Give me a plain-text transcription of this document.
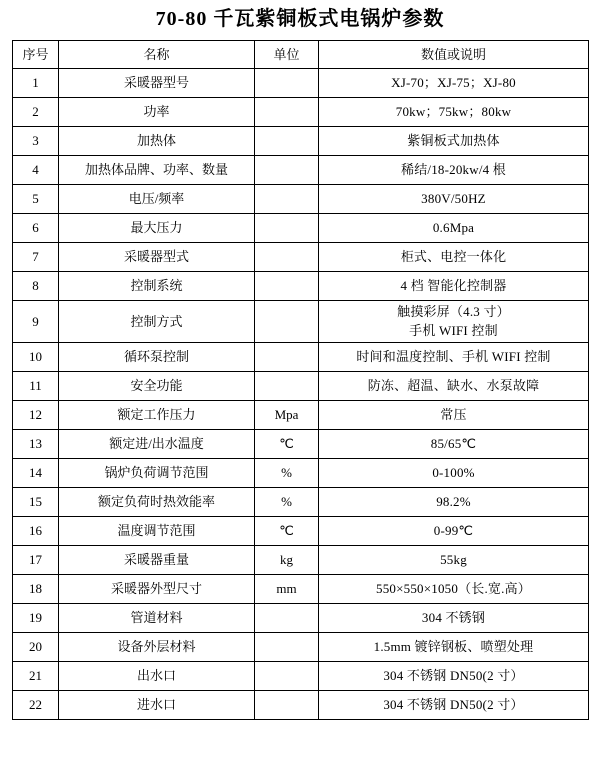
70-80 千瓦紫铜板式电锅炉参数
序号	名称	单位	数值或说明
1	采暖器型号		XJ-70；XJ-75；XJ-80
2	功率		70kw；75kw；80kw
3	加热体		紫铜板式加热体
4	加热体品牌、功率、数量		稀结/18-20kw/4 根
5	电压/频率		380V/50HZ
6	最大压力		0.6Mpa
7	采暖器型式		柜式、电控一体化
8	控制系统		4 档 智能化控制器
9	控制方式		触摸彩屏（4.3 寸）
手机 WIFI 控制

10	循环泵控制		时间和温度控制、手机 WIFI 控制
11	安全功能		防冻、超温、缺水、水泵故障
12	额定工作压力	Mpa	常压
13	额定进/出水温度	℃	85/65℃
14	锅炉负荷调节范围	%	0-100%
15	额定负荷时热效能率	%	98.2%
16	温度调节范围	℃	0-99℃
17	采暖器重量	kg	55kg
18	采暖器外型尺寸	mm	550×550×1050（长.宽.高）
19	管道材料		304 不锈钢
20	设备外层材料		1.5mm 镀锌钢板、喷塑处理
21	出水口		304 不锈钢 DN50(2 寸）
22	进水口		304 不锈钢 DN50(2 寸）
